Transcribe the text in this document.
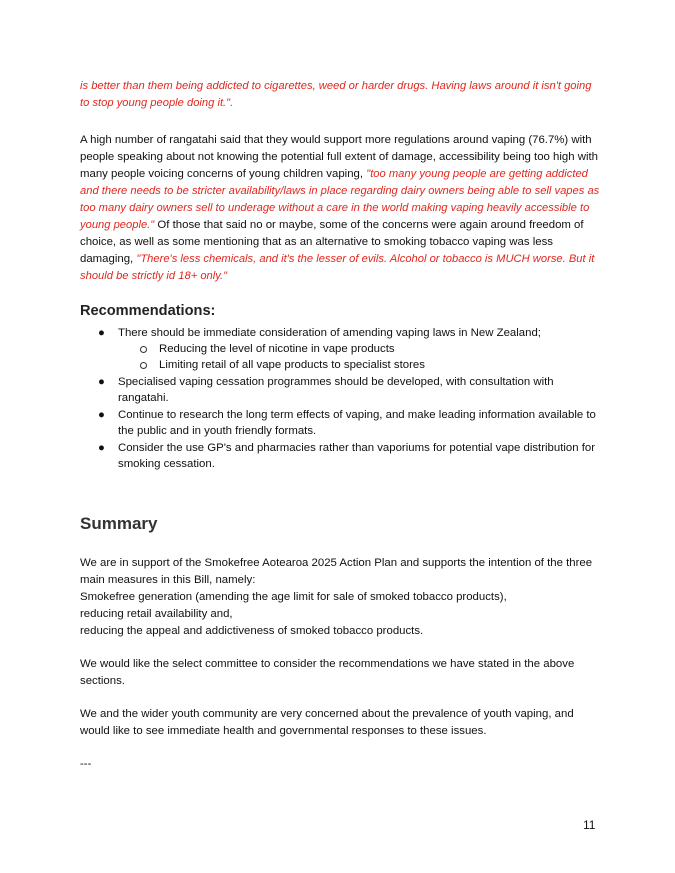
is better than them being addicted to cigarettes, weed or harder drugs. Having laws around it isn't going to stop young people doing it.".

A high number of rangatahi said that they would support more regulations around vaping (76.7%) with people speaking about not knowing the potential full extent of damage, accessibility being too high with many people voicing concerns of young children vaping, "too many young people are getting addicted and there needs to be stricter availability/laws in place regarding dairy owners being able to sell vapes as too many dairy owners sell to underage without a care in the world making vaping heavily accessible to young people." Of those that said no or maybe, some of the concerns were again around freedom of choice, as well as some mentioning that as an alternative to smoking tobacco vaping was less damaging, "There's less chemicals, and it's the lesser of evils. Alcohol or tobacco is MUCH worse. But it should be strictly id 18+ only."

Recommendations:
● There should be immediate consideration of amending vaping laws in New Zealand;
Reducing the level of nicotine in vape products
Limiting retail of all vape products to specialist stores
● Specialised vaping cessation programmes should be developed, with consultation with rangatahi.
● Continue to research the long term effects of vaping, and make leading information available to the public and in youth friendly formats.
● Consider the use GP's and pharmacies rather than vaporiums for potential vape distribution for smoking cessation.
Summary

We are in support of the Smokefree Aotearoa 2025 Action Plan and supports the intention of the three main measures in this Bill, namely:

Smokefree generation (amending the age limit for sale of smoked tobacco products),

reducing retail availability and,

reducing the appeal and addictiveness of smoked tobacco products.

We would like the select committee to consider the recommendations we have stated in the above sections.

We and the wider youth community are very concerned about the prevalence of youth vaping, and would like to see immediate health and governmental responses to these issues.

---

11
